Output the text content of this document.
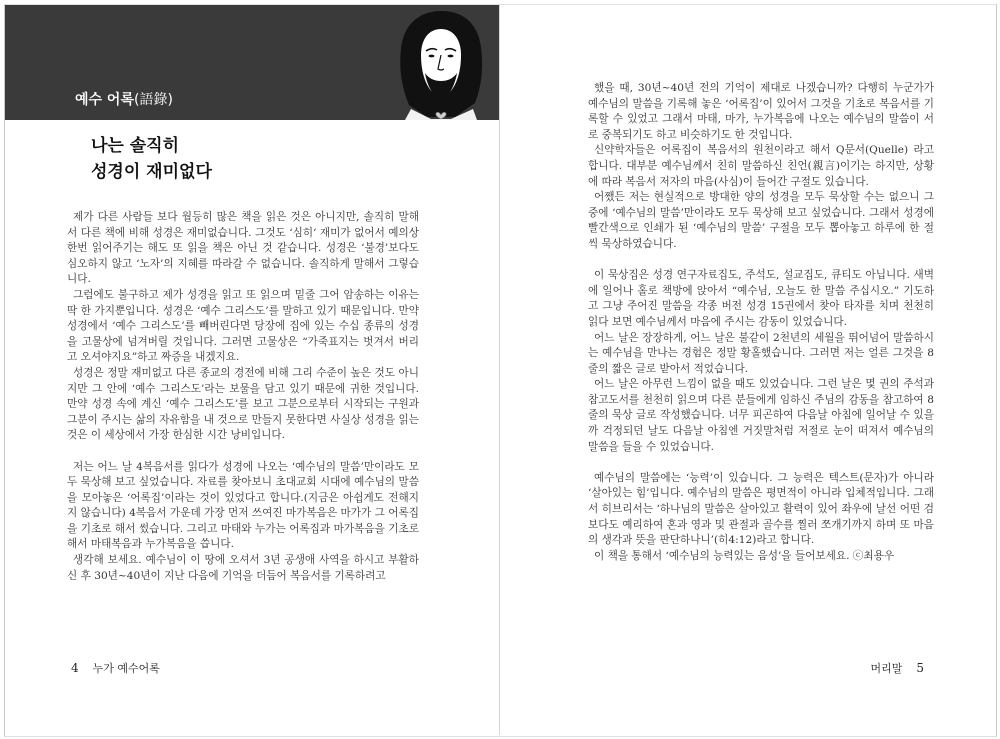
예수 어록(語錄)
나는 솔직히
성경이 재미없다

제가 다른 사람들 보다 월등히 많은 책을 읽은 것은 아니지만, 솔직히 말해서 다른 책에 비해 성경은 재미없습니다. 그것도 ‘심히’ 재미가 없어서 예의상 한번 읽어주기는 해도 또 읽을 책은 아닌 것 같습니다. 성경은 ‘불경’보다도 심오하지 않고 ‘노자’의 지혜를 따라갈 수 없습니다. 솔직하게 말해서 그렇습니다.

그럼에도 불구하고 제가 성경을 읽고 또 읽으며 밑줄 그어 암송하는 이유는 딱 한 가지뿐입니다. 성경은 ‘예수 그리스도’를 말하고 있기 때문입니다. 만약 성경에서 ‘예수 그리스도’를 빼버린다면 당장에 집에 있는 수십 종류의 성경을 고물상에 넘겨버릴 것입니다. 그러면 고물상은 “가죽표지는 벗겨서 버리고 오셔야지요”하고 짜증을 내겠지요.

성경은 정말 재미없고 다른 종교의 경전에 비해 그리 수준이 높은 것도 아니지만 그 안에 ‘예수 그리스도’라는 보물을 담고 있기 때문에 귀한 것입니다. 만약 성경 속에 계신 ‘예수 그리스도’를 보고 그분으로부터 시작되는 구원과 그분이 주시는 삶의 자유함을 내 것으로 만들지 못한다면 사실상 성경을 읽는 것은 이 세상에서 가장 한심한 시간 낭비입니다.

저는 어느 날 4복음서를 읽다가 성경에 나오는 ‘예수님의 말씀’만이라도 모두 묵상해 보고 싶었습니다. 자료를 찾아보니 초대교회 시대에 예수님의 말씀을 모아놓은 ‘어록집’이라는 것이 있었다고 합니다.(지금은 아쉽게도 전해지지 않습니다) 4복음서 가운데 가장 먼저 쓰여진 마가복음은 마가가 그 어록집을 기초로 해서 썼습니다. 그리고 마태와 누가는 어록집과 마가복음을 기초로 해서 마태복음과 누가복음을 씁니다.

생각해 보세요. 예수님이 이 땅에 오셔서 3년 공생애 사역을 하시고 부활하신 후 30년~40년이 지난 다음에 기억을 더듬어 복음서를 기록하려고

4 누가 예수어록

했을 때, 30년~40년 전의 기억이 제대로 나겠습니까? 다행히 누군가가 예수님의 말씀을 기록해 놓은 ‘어록집’이 있어서 그것을 기초로 복음서를 기록할 수 있었고 그래서 마태, 마가, 누가복음에 나오는 예수님의 말씀이 서로 중복되기도 하고 비슷하기도 한 것입니다.

신약학자들은 어록집이 복음서의 원천이라고 해서 Q문서(Quelle) 라고 합니다. 대부분 예수님께서 친히 말씀하신 친언(親言)이기는 하지만, 상황에 따라 복음서 저자의 마음(사심)이 들어간 구절도 있습니다.

어쨌든 저는 현실적으로 방대한 양의 성경을 모두 묵상할 수는 없으니 그중에 ‘예수님의 말씀’만이라도 모두 묵상해 보고 싶었습니다. 그래서 성경에 빨간색으로 인쇄가 된 ‘예수님의 말씀’ 구절을 모두 뽑아놓고 하루에 한 절씩 묵상하였습니다.

이 묵상집은 성경 연구자료집도, 주석도, 설교집도, 큐티도 아닙니다. 새벽에 일어나 홀로 책방에 앉아서 “예수님, 오늘도 한 말씀 주십시오.” 기도하고 그냥 주어진 말씀을 각종 버전 성경 15권에서 찾아 타자를 치며 천천히 읽다 보면 예수님께서 마음에 주시는 감동이 있었습니다.

어느 날은 장장하게, 어느 날은 불같이 2천년의 세월을 뛰어넘어 말씀하시는 예수님을 만나는 경험은 정말 황홀했습니다. 그러면 저는 얼른 그것을 8줄의 짧은 글로 받아서 적었습니다.

어느 날은 아무런 느낌이 없을 때도 있었습니다. 그런 날은 몇 권의 주석과 참고도서를 천천히 읽으며 다른 분들에게 임하신 주님의 감동을 참고하여 8줄의 묵상 글로 작성했습니다. 너무 피곤하여 다음날 아침에 일어날 수 있을까 걱정되던 날도 다음날 아침엔 거짓말처럼 저절로 눈이 떠져서 예수님의 말씀을 들을 수 있었습니다.

예수님의 말씀에는 ‘능력’이 있습니다. 그 능력은 텍스트(문자)가 아니라 ‘살아있는 힘’입니다. 예수님의 말씀은 평면적이 아니라 입체적입니다. 그래서 히브리서는 ‘하나님의 말씀은 살아있고 활력이 있어 좌우에 날선 어떤 검보다도 예리하여 혼과 영과 및 관절과 골수를 찔러 쪼개기까지 하며 또 마음의 생각과 뜻을 판단하나니’(히4:12)라고 합니다.

이 책을 통해서 ‘예수님의 능력있는 음성’을 들어보세요. ⓒ최용우

머리말 5
